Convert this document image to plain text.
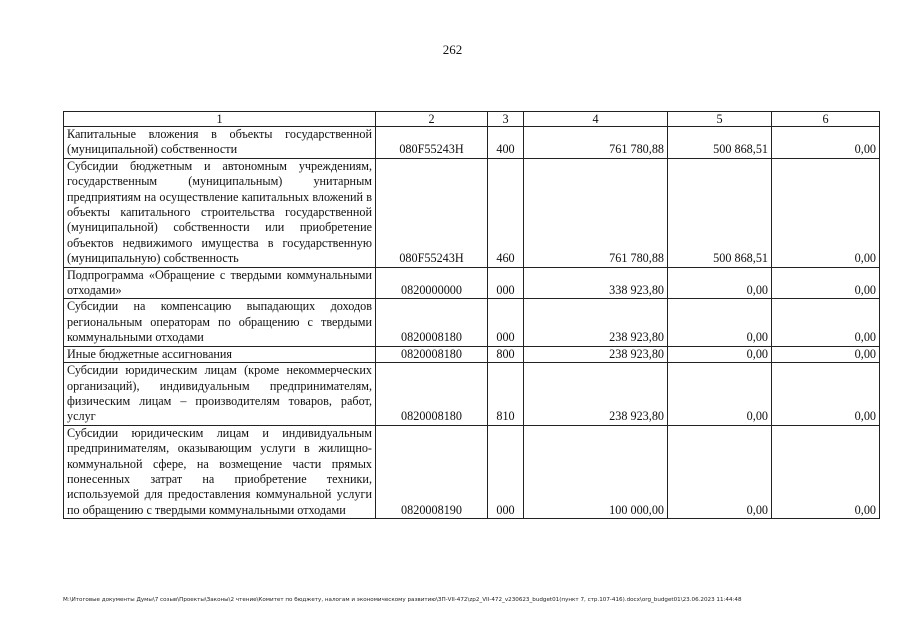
262
1	2	3	4	5	6
Капитальные вложения в объекты государственной (муниципальной) собственности	080F55243Н	400	761 780,88	500 868,51	0,00
Субсидии бюджетным и автономным учреждениям, государственным (муниципальным) унитарным предприятиям на осуществление капитальных вложений в объекты капитального строительства государственной (муниципальной) собственности или приобретение объектов недвижимого имущества в государственную (муниципальную) собственность	080F55243Н	460	761 780,88	500 868,51	0,00
Подпрограмма «Обращение с твердыми коммунальными отходами»	0820000000	000	338 923,80	0,00	0,00
Субсидии на компенсацию выпадающих доходов региональным операторам по обращению с твердыми коммунальными отходами	0820008180	000	238 923,80	0,00	0,00
Иные бюджетные ассигнования	0820008180	800	238 923,80	0,00	0,00
Субсидии юридическим лицам (кроме некоммерческих организаций), индивидуальным предпринимателям, физическим лицам – производителям товаров, работ, услуг	0820008180	810	238 923,80	0,00	0,00
Субсидии юридическим лицам и индивидуальным предпринимателям, оказывающим услуги в жилищно-коммунальной сфере, на возмещение части прямых понесенных затрат на приобретение техники, используемой для предоставления коммунальной услуги по обращению с твердыми коммунальными отходами	0820008190	000	100 000,00	0,00	0,00
M:\Итоговые документы Думы\7 созыв\Проекты\Законы\2 чтение\Комитет по бюджету, налогам и экономическому развитию\ЗП-VII-472\zp2_VII-472_v230623_budget01(пункт 7, стр.107-416).docx\org_budget01\23.06.2023 11:44:48
